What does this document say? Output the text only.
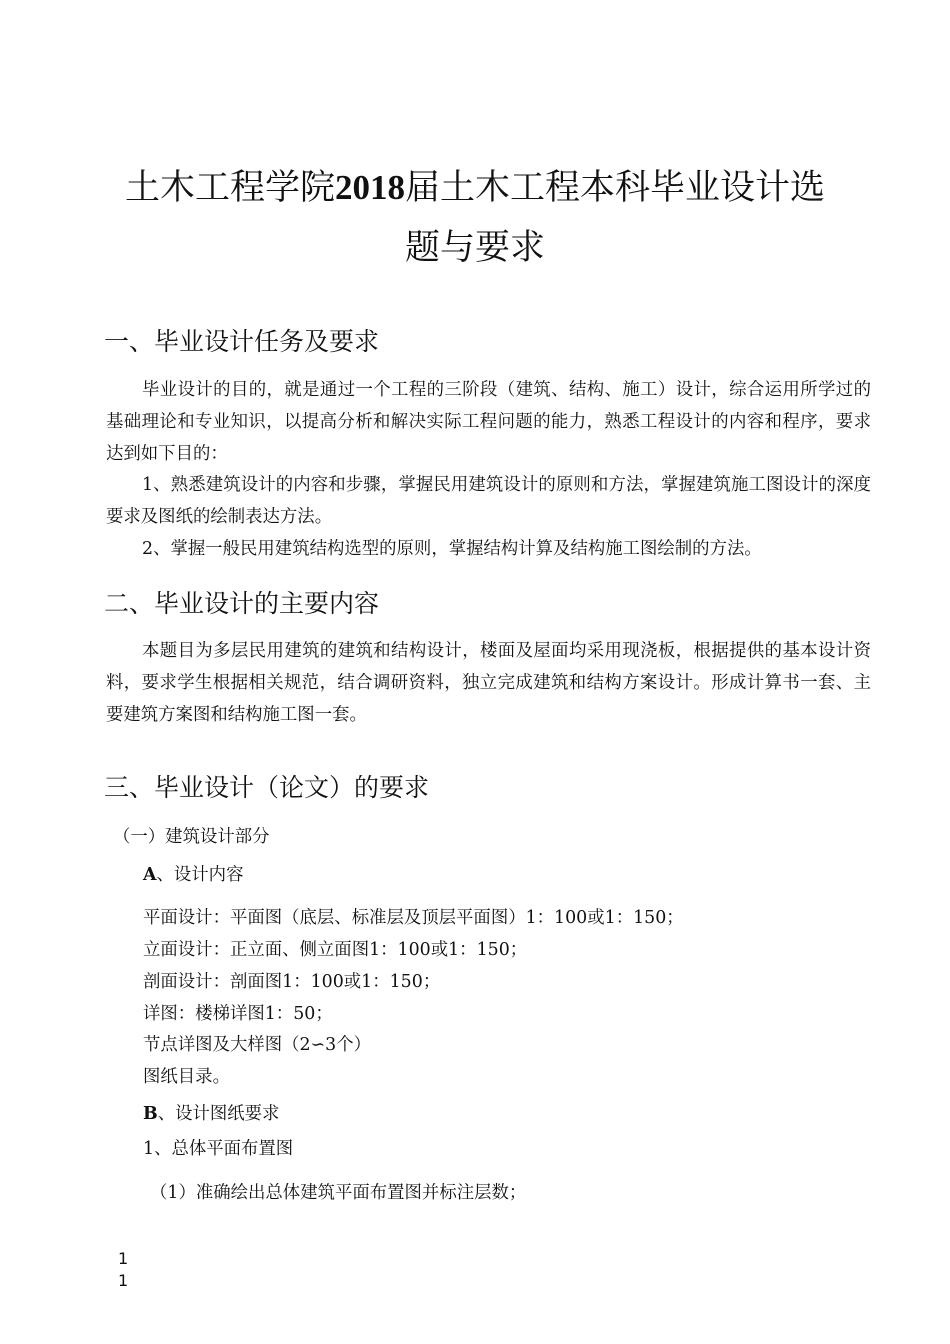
土木工程学院2018届土木工程本科毕业设计选
题与要求
一、毕业设计任务及要求
毕业设计的目的，就是通过一个工程的三阶段（建筑、结构、施工）设计，综合运用所学过的基础理论和专业知识，以提高分析和解决实际工程问题的能力，熟悉工程设计的内容和程序，要求达到如下目的：
1、熟悉建筑设计的内容和步骤，掌握民用建筑设计的原则和方法，掌握建筑施工图设计的深度要求及图纸的绘制表达方法。
2、掌握一般民用建筑结构选型的原则，掌握结构计算及结构施工图绘制的方法。
二、毕业设计的主要内容
本题目为多层民用建筑的建筑和结构设计，楼面及屋面均采用现浇板，根据提供的基本设计资料，要求学生根据相关规范，结合调研资料，独立完成建筑和结构方案设计。形成计算书一套、主要建筑方案图和结构施工图一套。
三、毕业设计（论文）的要求
（一）建筑设计部分
A、设计内容
平面设计：平面图（底层、标准层及顶层平面图）1：100或1：150；
立面设计：正立面、侧立面图1：100或1：150；
剖面设计：剖面图1：100或1：150；
详图：楼梯详图1：50；
节点详图及大样图（2∽3个）
图纸目录。
B、设计图纸要求
1、总体平面布置图
（1）准确绘出总体建筑平面布置图并标注层数；
1
1
